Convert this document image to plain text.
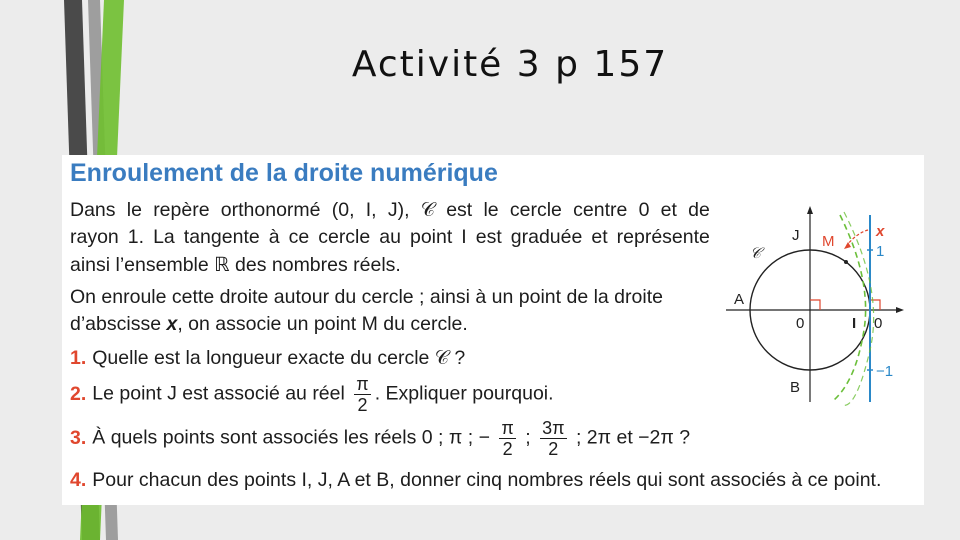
Activité 3 p 157
Enroulement de la droite numérique
Dans le repère orthonormé (0, I, J), 𝒞 est le cercle centre 0 et de
rayon 1. La tangente à ce cercle au point I est graduée et représente
ainsi l’ensemble ℝ des nombres réels.
On enroule cette droite autour du cercle ; ainsi à un point de la droite
d’abscisse x, on associe un point M du cercle.
1. Quelle est la longueur exacte du cercle 𝒞 ?
2. Le point J est associé au réel $\frac{\pi}{2}$ . Expliquer pourquoi.
3. À quels points sont associés les réels 0 ; π ; − $\frac{\pi}{2}$ ; $\frac{3\pi}{2}$ ; 2π et −2π ?
4. Pour chacun des points I, J, A et B, donner cinq nombres réels qui sont associés à ce point.
𝒞
J M
A
0	I
B
x
1
0
−1
